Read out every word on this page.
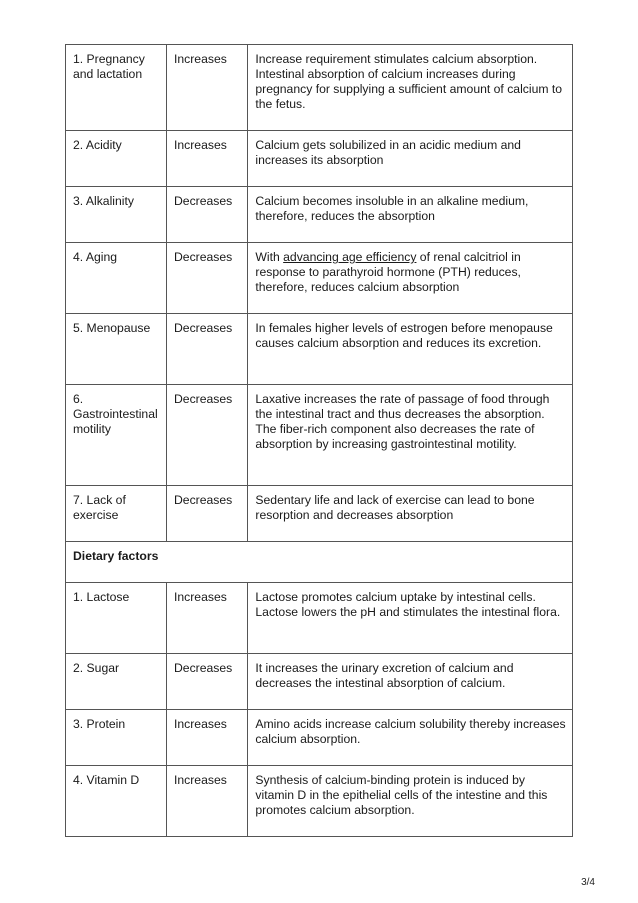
1. Pregnancy and lactation	Increases	Increase requirement stimulates calcium absorption. Intestinal absorption of calcium increases during pregnancy for supplying a sufficient amount of calcium to the fetus.
2. Acidity	Increases	Calcium gets solubilized in an acidic medium and increases its absorption
3. Alkalinity	Decreases	Calcium becomes insoluble in an alkaline medium, therefore, reduces the absorption
4. Aging	Decreases	With advancing age efficiency of renal calcitriol in response to parathyroid hormone (PTH) reduces, therefore, reduces calcium absorption
5. Menopause	Decreases	In females higher levels of estrogen before menopause causes calcium absorption and reduces its excretion.
6. Gastrointestinal motility	Decreases	Laxative increases the rate of passage of food through the intestinal tract and thus decreases the absorption. The fiber-rich component also decreases the rate of absorption by increasing gastrointestinal motility.
7. Lack of exercise	Decreases	Sedentary life and lack of exercise can lead to bone resorption and decreases absorption
Dietary factors		
1. Lactose	Increases	Lactose promotes calcium uptake by intestinal cells. Lactose lowers the pH and stimulates the intestinal flora.
2. Sugar	Decreases	It increases the urinary excretion of calcium and decreases the intestinal absorption of calcium.
3. Protein	Increases	Amino acids increase calcium solubility thereby increases calcium absorption.
4. Vitamin D	Increases	Synthesis of calcium-binding protein is induced by vitamin D in the epithelial cells of the intestine and this promotes calcium absorption.
3/4
